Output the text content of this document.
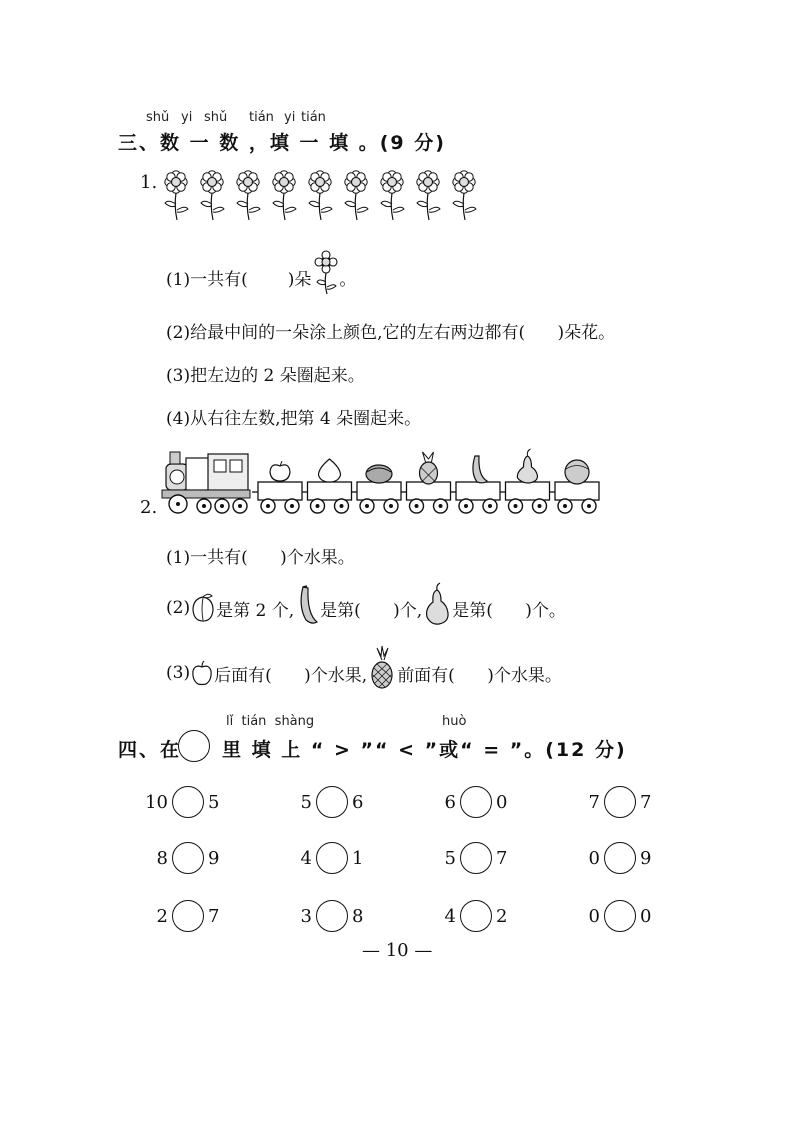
shǔ yi shǔ tián yi tián
三、数 一 数 ，填 一 填 。(9 分)
1.
(1)一共有( )朵 。
(2)给最中间的一朵涂上颜色,它的左右两边都有(      )朵花。
(3)把左边的 2 朵圈起来。
(4)从右往左数,把第 4 朵圈起来。
2.
(1)一共有(      )个水果。
(2) 是第 2 个, 是第(      )个, 是第(      )个。
(3) 后面有(      )个水果, 前面有(      )个水果。
lǐ  tián  shàng	huò
四、在 里 填 上 “ > ”“ < ”或“ = ”。(12 分)
10 5	5 6	6 0	7 7
8 9	4 1	5 7	0 9
2 7	3 8	4 2	0 0
— 10 —
